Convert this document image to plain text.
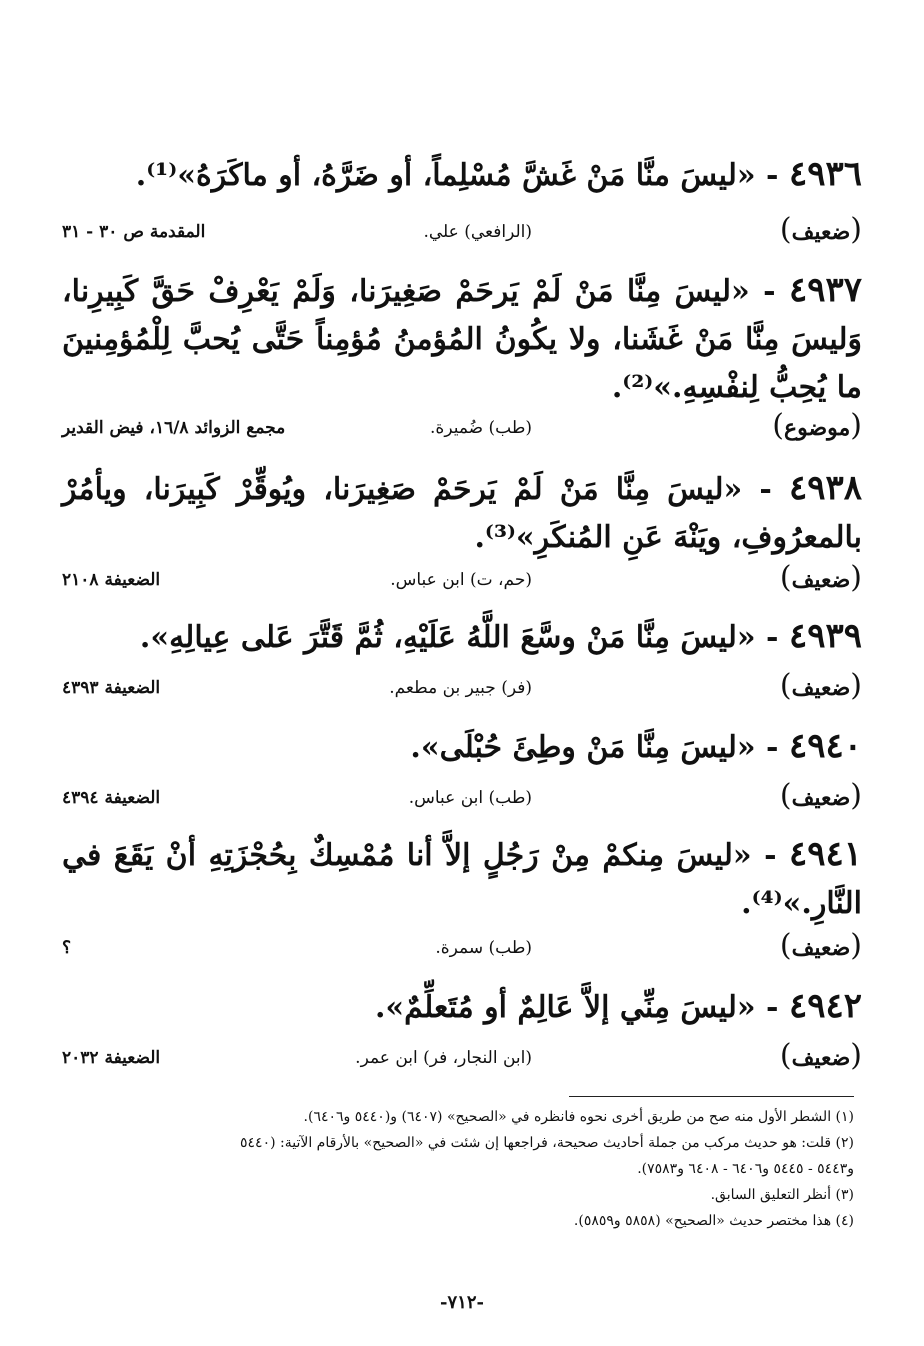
٤٩٣٦ - «ليسَ منَّا مَنْ غَشَّ مُسْلِماً، أو ضَرَّهُ، أو ماكَرَهُ»⁽¹⁾.
( ضعيف )
(الرافعي) علي.
المقدمة ص ٣٠ - ٣١
٤٩٣٧ - «ليسَ مِنَّا مَنْ لَمْ يَرحَمْ صَغِيرَنا، وَلَمْ يَعْرِفْ حَقَّ كَبِيرِنا، وَليسَ مِنَّا مَنْ غَشَنا، ولا يكُونُ المُؤمنُ مُؤمِناً حَتَّى يُحبَّ لِلْمُؤمِنينَ ما يُحِبُّ لِنفْسِهِ.»⁽²⁾.
( موضوع )
(طب) ضُميرة.
مجمع الزوائد ١٦/٨، فيض القدير
٤٩٣٨ - «ليسَ مِنَّا مَنْ لَمْ يَرحَمْ صَغِيرَنا، ويُوقِّرْ كَبِيرَنا، ويأمُرْ بالمعرُوفِ، ويَنْهَ عَنِ المُنكَرِ»⁽³⁾.
( ضعيف )
(حم، ت) ابن عباس.
الضعيفة ٢١٠٨
٤٩٣٩ - «ليسَ مِنَّا مَنْ وسَّعَ اللَّهُ عَلَيْهِ، ثُمَّ قَتَّرَ عَلى عِيالِهِ».
( ضعيف )
(فر) جبير بن مطعم.
الضعيفة ٤٣٩٣
٤٩٤٠ - «ليسَ مِنَّا مَنْ وطِئَ حُبْلَى».
( ضعيف )
(طب) ابن عباس.
الضعيفة ٤٣٩٤
٤٩٤١ - «ليسَ مِنكمْ مِنْ رَجُلٍ إلاَّ أنا مُمْسِكٌ بِحُجْزَتِهِ أنْ يَقَعَ في النَّارِ.»⁽⁴⁾.
( ضعيف )
(طب) سمرة.
؟
٤٩٤٢ - «ليسَ مِنِّي إلاَّ عَالِمٌ أو مُتَعلِّمٌ».
( ضعيف )
(ابن النجار، فر) ابن عمر.
الضعيفة ٢٠٣٢
(١) الشطر الأول منه صح من طريق أخرى نحوه فانظره في «الصحيح» (٦٤٠٧) و(٥٤٤٠ و٦٤٠٦).
(٢) قلت: هو حديث مركب من جملة أحاديث صحيحة، فراجعها إن شئت في «الصحيح» بالأرقام الآتية: (٥٤٤٠
و٥٤٤٣ - ٥٤٤٥ و٦٤٠٦ - ٦٤٠٨ و٧٥٨٣).
(٣) أنظر التعليق السابق.
(٤) هذا مختصر حديث «الصحيح» (٥٨٥٨ و٥٨٥٩).
-٧١٢-
